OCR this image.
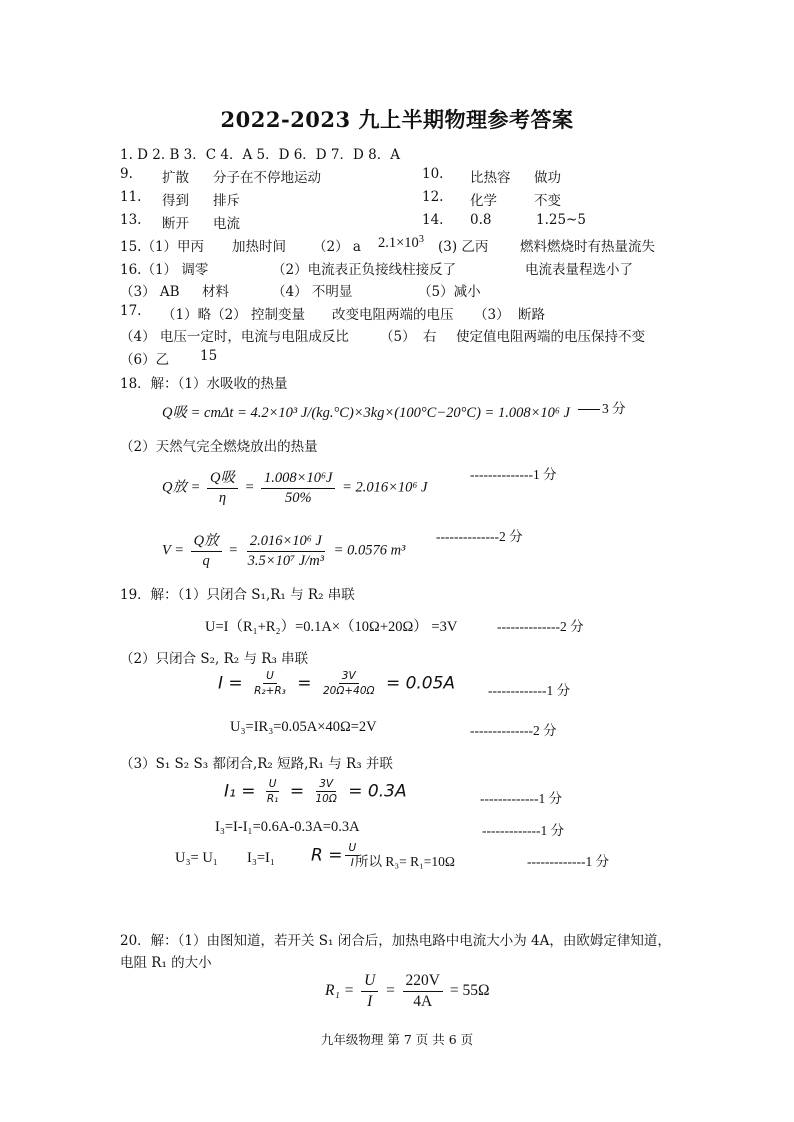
2022-2023 九上半期物理参考答案
1. D 2. B 3．C 4．A 5．D 6．D 7．D 8．A
9. 扩散 分子在不停地运动	10. 比热容 做功
11. 得到 排斥	12. 化学	不变
13. 断开 电流	14. 0.8	1.25~5
15.（1）甲丙 加热时间 （2） a $2.1\times 10^3$ (3) 乙丙 燃料燃烧时有热量流失
16.（1） 调零	（2）电流表正负接线柱接反了	电流表量程选小了
（3） AB 材料	（4） 不明显	（5）减小
17. （1）略（2） 控制变量 改变电阻两端的电压 （3） 断路
（4） 电压一定时，电流与电阻成反比 （5） 右 使定值电阻两端的电压保持不变
（6）乙 15
18．解：（1）水吸收的热量
Q吸 = cmΔt = 4.2×10³ J/(kg.°C)×3kg×(100°C−20°C) = 1.008×10⁶ J	3 分
（2）天然气完全燃烧放出的热量
Q放 = $\frac{\text{Q吸}}{\eta} = \frac{\text{1.008×10⁶J}}{50\%} = 2.016\times 10^6$ J
--------------1 分
$V = \frac{\text{Q放}}{q} = \frac{\text{2.016×10⁶ J}}{\text{3.5×10⁷ J/m³}} = 0.0576$ m³
--------------2 分
19．解：（1）只闭合 S₁,R₁ 与 R₂ 串联
U=I（R₁+R₂）=0.1A×（10Ω+20Ω） =3V	--------------2 分
（2）只闭合 S₂, R₂ 与 R₃ 串联
$I = \frac{U}{\text{R₂+R₃}} = \frac{3V}{20\Omega+40\Omega} = 0.05A$ -------------1 分
U₃=IR₃=0.05A×40Ω=2V	--------------2 分
（3）S₁ S₂ S₃ 都闭合,R₂ 短路,R₁ 与 R₃ 并联
$I_1 = \frac{U}{\text{R₁}} = \frac{3V}{10\Omega} = 0.3A$	-------------1 分
I₃=I-I₁=0.6A-0.3A=0.3A	-------------1 分
U₃= U₁ I₃=I₁ $R = \frac{U}{I}$
所以 R₃= R₁=10Ω	-------------1 分
20．解：（1）由图知道，若开关 S₁ 闭合后，加热电路中电流大小为 4A，由欧姆定律知道，
电阻 R₁ 的大小
$R_1 = \frac{U}{I} = \frac{220V}{4A} = 55\Omega$
九年级物理 第 7 页 共 6 页
